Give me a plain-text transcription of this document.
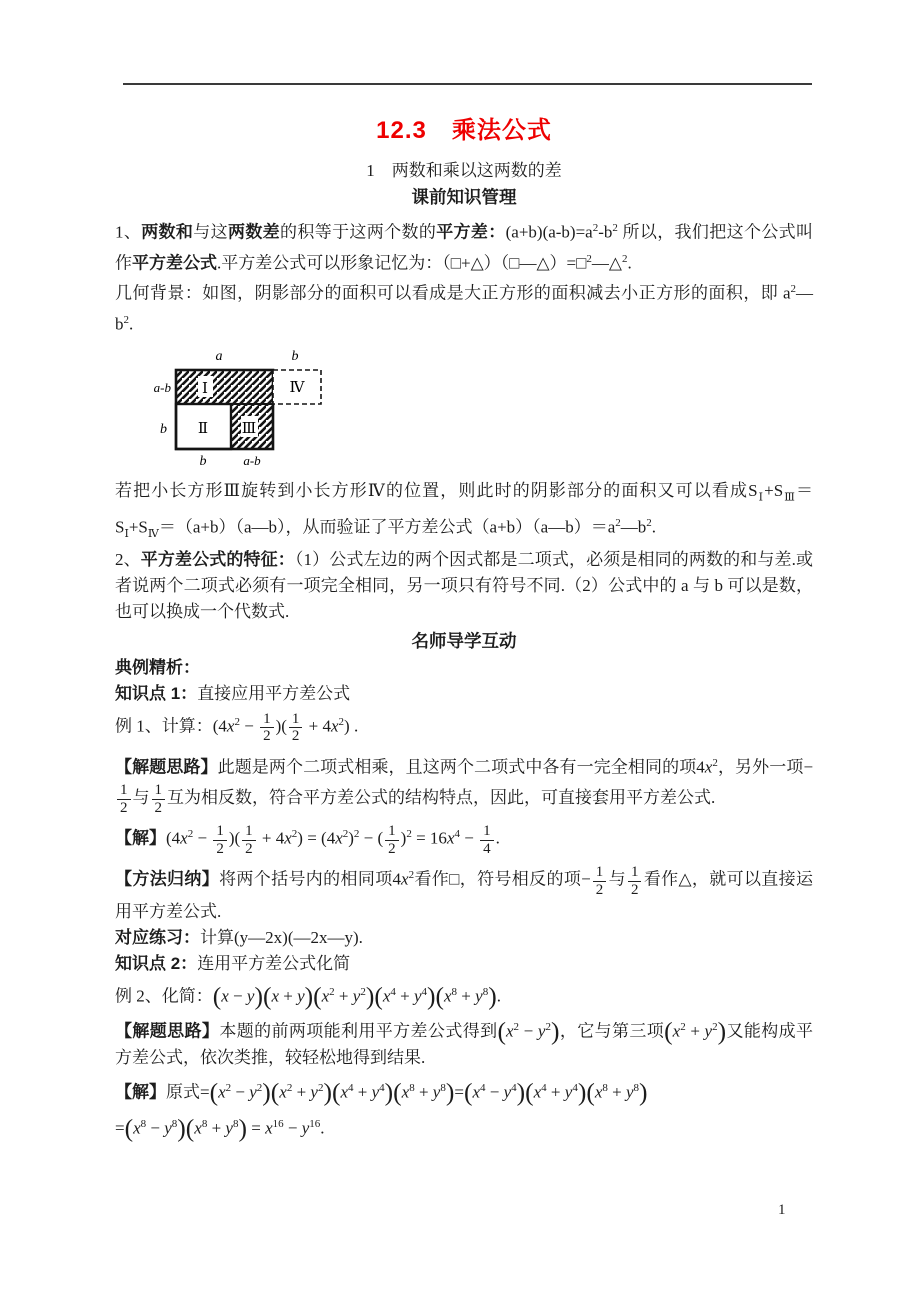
12.3　乘法公式
1　两数和乘以这两数的差
课前知识管理

1、两数和与这两数差的积等于这两个数的平方差：$(a+b)(a-b)=a^2-b^2$ 所以，我们把这个公式叫作平方差公式.平方差公式可以形象记忆为：（□+△）（□—△）=□$^2$—△$^2$.

几何背景：如图，阴影部分的面积可以看成是大正方形的面积减去小正方形的面积，即 $a^2—b^2$.

a	b
a-b
b
Ⅰ
Ⅱ Ⅲ
Ⅳ
b	a-b

若把小长方形Ⅲ旋转到小长方形Ⅳ的位置，则此时的阴影部分的面积又可以看成$S_Ⅰ+S_Ⅲ=S_Ⅰ+S_Ⅳ=(a+b)(a—b)$，从而验证了平方差公式$(a+b)(a—b)=a^2—b^2$.

2、平方差公式的特征：（1）公式左边的两个因式都是二项式，必须是相同的两数的和与差.或者说两个二项式必须有一项完全相同，另一项只有符号不同.（2）公式中的 a 与 b 可以是数，也可以换成一个代数式.

名师导学互动

典例精析：

知识点 1：直接应用平方差公式

例 1、计算：($4x^2 - \frac{1}{2}$ )( $\frac{1}{2} + 4x^2$) .

【解题思路】此题是两个二项式相乘，且这两个二项式中各有一完全相同的项$4x^2$，另外一项−
$\frac{1}{2}$ 与 $\frac{1}{2}$ 互为相反数，符合平方差公式的结构特点，因此，可直接套用平方差公式.

【解】($4x^2 - \frac{1}{2}$ )( $\frac{1}{2} + 4x^2) = (4x^2)^2$ − ( $\frac{1}{2} )^2 = 16x^4 - \frac{1}{4}$ .

【方法归纳】将两个括号内的相同项$4x^2$看作□，符号相反的项− $\frac{1}{2}$ 与 $\frac{1}{2}$ 看作△，就可以直接运用平方差公式.

对应练习：计算(y—2x)(—2x—y).

知识点 2：连用平方差公式化简

例 2、化简：$(x - y)(x + y)(x^2 + y^2)(x^4 + y^4)(x^8 + y^8)$.

【解题思路】本题的前两项能利用平方差公式得到$(x^2 - y^2)$，它与第三项$(x^2 + y^2)$又能构成平方差公式，依次类推，较轻松地得到结果.

【解】原式$=(x^2 - y^2)(x^2 + y^2)(x^4 + y^4)(x^8 + y^8)=(x^4 - y^4)(x^4 + y^4)(x^8 + y^8)$

$=(x^8 - y^8)(x^8 + y^8) = x^{16} - y^{16}$.

1
